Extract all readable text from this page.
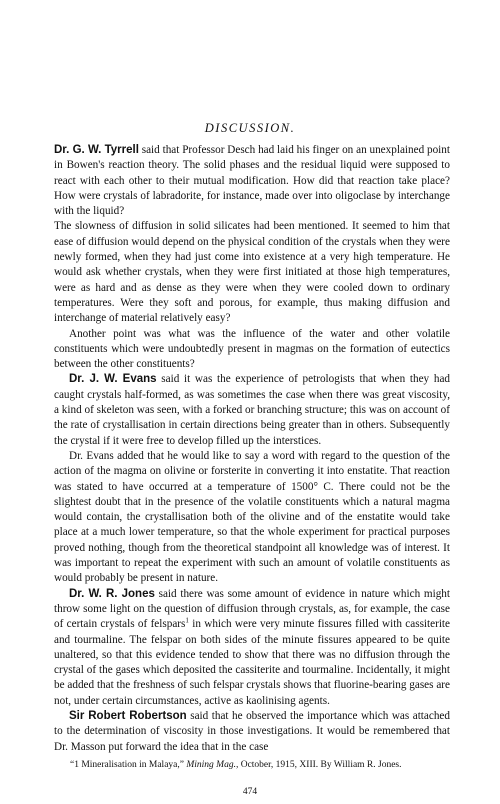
DISCUSSION.

Dr. G. W. Tyrrell said that Professor Desch had laid his finger on an unexplained point in Bowen's reaction theory. The solid phases and the residual liquid were supposed to react with each other to their mutual modification. How did that reaction take place? How were crystals of labradorite, for instance, made over into oligoclase by interchange with the liquid?

The slowness of diffusion in solid silicates had been mentioned. It seemed to him that ease of diffusion would depend on the physical condition of the crystals when they were newly formed, when they had just come into existence at a very high temperature. He would ask whether crystals, when they were first initiated at those high temperatures, were as hard and as dense as they were when they were cooled down to ordinary temperatures. Were they soft and porous, for example, thus making diffusion and interchange of material relatively easy?

Another point was what was the influence of the water and other volatile constituents which were undoubtedly present in magmas on the formation of eutectics between the other constituents?

Dr. J. W. Evans said it was the experience of petrologists that when they had caught crystals half-formed, as was sometimes the case when there was great viscosity, a kind of skeleton was seen, with a forked or branching structure; this was on account of the rate of crystallisation in certain directions being greater than in others. Subsequently the crystal if it were free to develop filled up the interstices.

Dr. Evans added that he would like to say a word with regard to the question of the action of the magma on olivine or forsterite in converting it into enstatite. That reaction was stated to have occurred at a temperature of 1500° C. There could not be the slightest doubt that in the presence of the volatile constituents which a natural magma would contain, the crystallisation both of the olivine and of the enstatite would take place at a much lower temperature, so that the whole experiment for practical purposes proved nothing, though from the theoretical standpoint all knowledge was of interest. It was important to repeat the experiment with such an amount of volatile constituents as would probably be present in nature.

Dr. W. R. Jones said there was some amount of evidence in nature which might throw some light on the question of diffusion through crystals, as, for example, the case of certain crystals of felspars$^1$ in which were very minute fissures filled with cassiterite and tourmaline. The felspar on both sides of the minute fissures appeared to be quite unaltered, so that this evidence tended to show that there was no diffusion through the crystal of the gases which deposited the cassiterite and tourmaline. Incidentally, it might be added that the freshness of such felspar crystals shows that fluorine-bearing gases are not, under certain circumstances, active as kaolinising agents.

Sir Robert Robertson said that he observed the importance which was attached to the determination of viscosity in those investigations. It would be remembered that Dr. Masson put forward the idea that in the case

“1 Mineralisation in Malaya,” Mining Mag., October, 1915, XIII. By William R. Jones.
474
